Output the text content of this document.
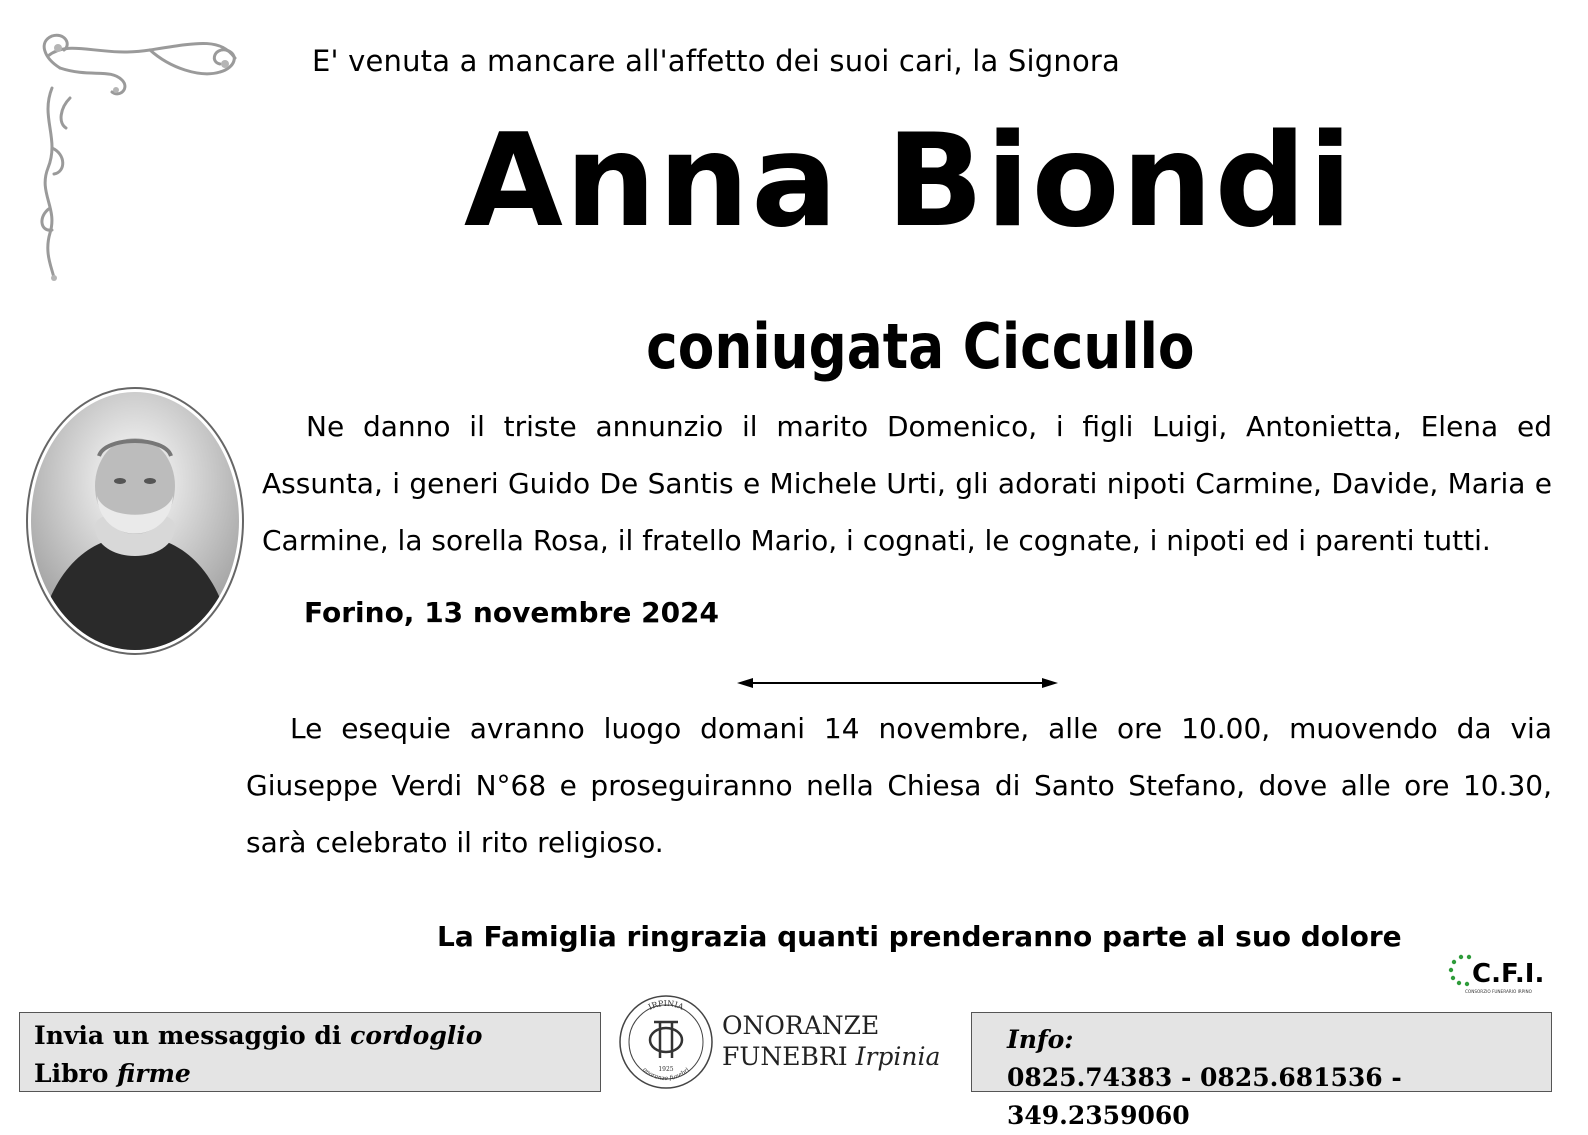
E' venuta a mancare all'affetto dei suoi cari, la Signora
Anna Biondi
coniugata Ciccullo
Ne danno il triste annunzio il marito Domenico, i figli Luigi, Antonietta, Elena ed Assunta, i generi Guido De Santis e Michele Urti, gli adorati nipoti Carmine, Davide, Maria e Carmine, la sorella Rosa, il fratello Mario, i cognati, le cognate, i nipoti ed i parenti tutti.
Forino, 13 novembre 2024
Le esequie avranno luogo domani 14 novembre, alle ore 10.00, muovendo da via Giuseppe Verdi N°68 e proseguiranno nella Chiesa di Santo Stefano, dove alle ore 10.30, sarà celebrato il rito religioso.
La Famiglia ringrazia quanti prenderanno parte al suo dolore
C.F.I.
CONSORZIO FUNERARIO IRPINO
Invia un messaggio di cordoglio
Libro firme
IRPINIA
onoranze funebri
1925
ONORANZE
FUNEBRI Irpinia
Info:
0825.74383 - 0825.681536 - 349.2359060
